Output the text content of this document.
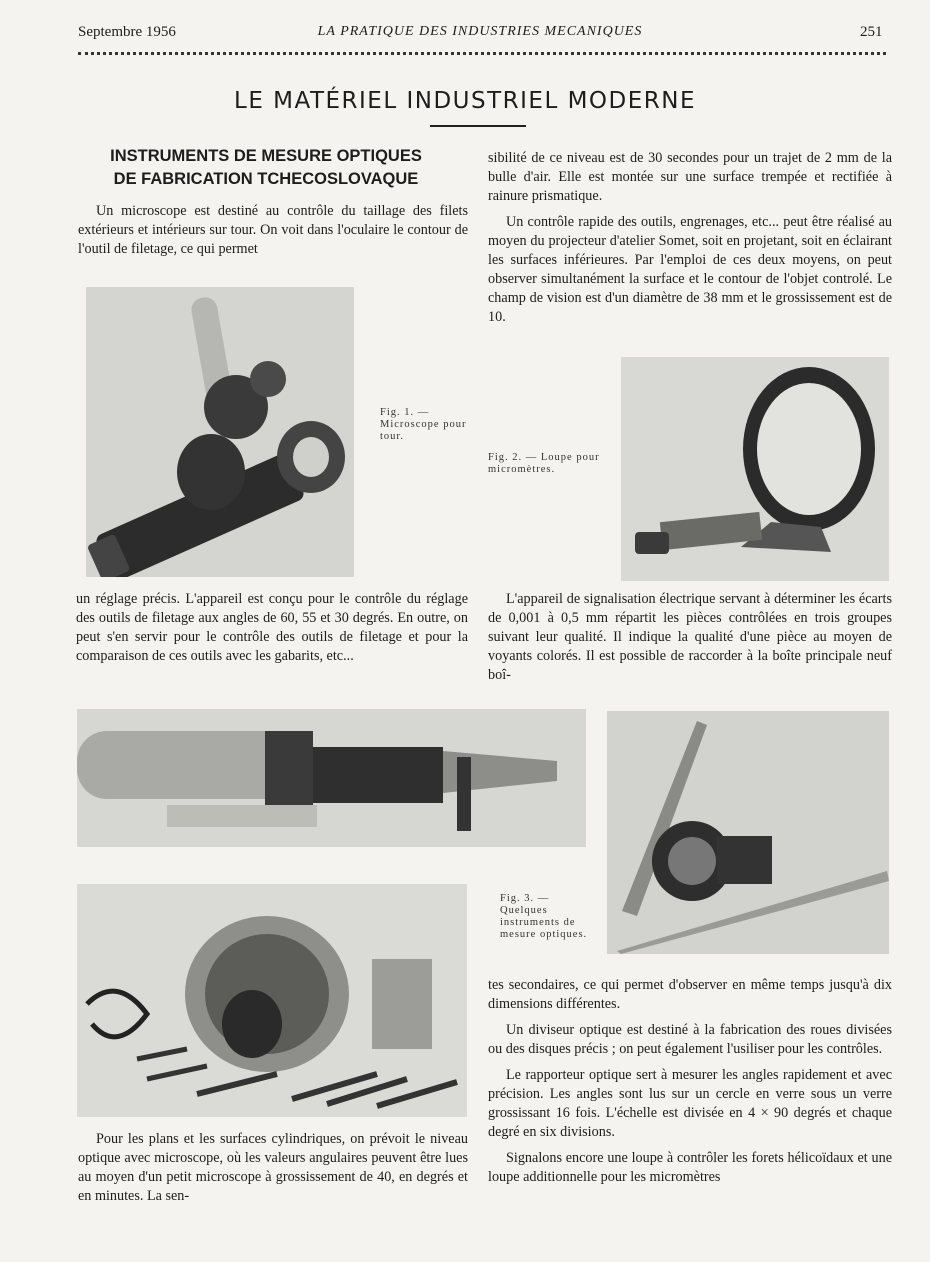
Septembre 1956	LA PRATIQUE DES INDUSTRIES MECANIQUES	251
LE MATÉRIEL INDUSTRIEL MODERNE
INSTRUMENTS DE MESURE OPTIQUES
DE FABRICATION TCHECOSLOVAQUE

Un microscope est destiné au contrôle du taillage des filets extérieurs et intérieurs sur tour. On voit dans l'oculaire le contour de l'outil de filetage, ce qui permet

Fig. 1. — Microscope pour tour.

un réglage précis. L'appareil est conçu pour le contrôle du réglage des outils de filetage aux angles de 60, 55 et 30 degrés. En outre, on peut s'en servir pour le contrôle des outils de filetage et pour la comparaison de ces outils avec les gabarits, etc...

sibilité de ce niveau est de 30 secondes pour un trajet de 2 mm de la bulle d'air. Elle est montée sur une surface trempée et rectifiée à rainure prismatique.

Un contrôle rapide des outils, engrenages, etc... peut être réalisé au moyen du projecteur d'atelier Somet, soit en projetant, soit en éclairant les surfaces inférieures. Par l'emploi de ces deux moyens, on peut observer simultanément la surface et le contour de l'objet controlé. Le champ de vision est d'un diamètre de 38 mm et le grossissement est de 10.

Fig. 2. — Loupe pour micromètres.

L'appareil de signalisation électrique servant à déterminer les écarts de 0,001 à 0,5 mm répartit les pièces contrôlées en trois groupes suivant leur qualité. Il indique la qualité d'une pièce au moyen de voyants colorés. Il est possible de raccorder à la boîte principale neuf boî-

Fig. 3. — Quelques instruments de mesure optiques.

Pour les plans et les surfaces cylindriques, on prévoit le niveau optique avec microscope, où les valeurs angulaires peuvent être lues au moyen d'un petit microscope à grossissement de 40, en degrés et en minutes. La sen-

tes secondaires, ce qui permet d'observer en même temps jusqu'à dix dimensions différentes.

Un diviseur optique est destiné à la fabrication des roues divisées ou des disques précis ; on peut également l'usiliser pour les contrôles.

Le rapporteur optique sert à mesurer les angles rapidement et avec précision. Les angles sont lus sur un cercle en verre sous un verre grossissant 16 fois. L'échelle est divisée en 4 × 90 degrés et chaque degré en six divisions.

Signalons encore une loupe à contrôler les forets hélicoïdaux et une loupe additionnelle pour les micromètres
